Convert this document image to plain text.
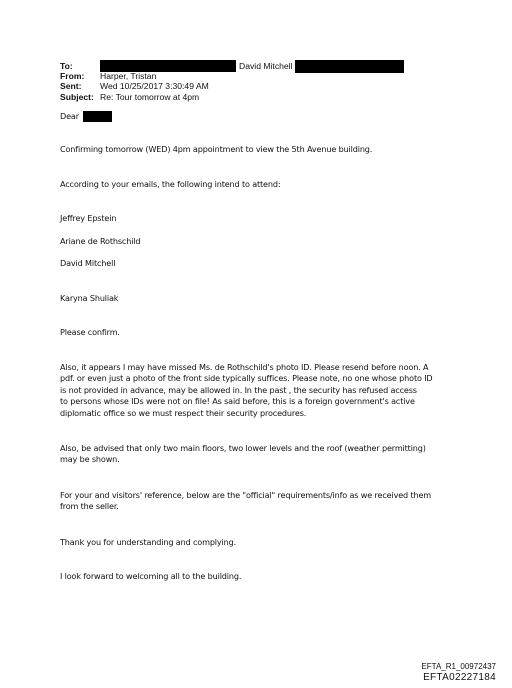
To:	David Mitchell
From:	Harper, Tristan
Sent:	Wed 10/25/2017 3:30:49 AM
Subject: Re: Tour tomorrow at 4pm

Dear

Confirming tomorrow (WED) 4pm appointment to view the 5th Avenue building.

According to your emails, the following intend to attend:

Jeffrey Epstein

Ariane de Rothschild

David Mitchell

Karyna Shuliak

Please confirm.

Also, it appears I may have missed Ms. de Rothschild's photo ID. Please resend before noon. A
pdf. or even just a photo of the front side typically suffices. Please note, no one whose photo ID
is not provided in advance, may be allowed in. In the past , the security has refused access
to persons whose IDs were not on file! As said before, this is a foreign government's active
diplomatic office so we must respect their security procedures.

Also, be advised that only two main floors, two lower levels and the roof (weather permitting)
may be shown.

For your and visitors' reference, below are the "official" requirements/info as we received them
from the seller.

Thank you for understanding and complying.

I look forward to welcoming all to the building.

EFTA_R1_00972437
EFTA02227184
